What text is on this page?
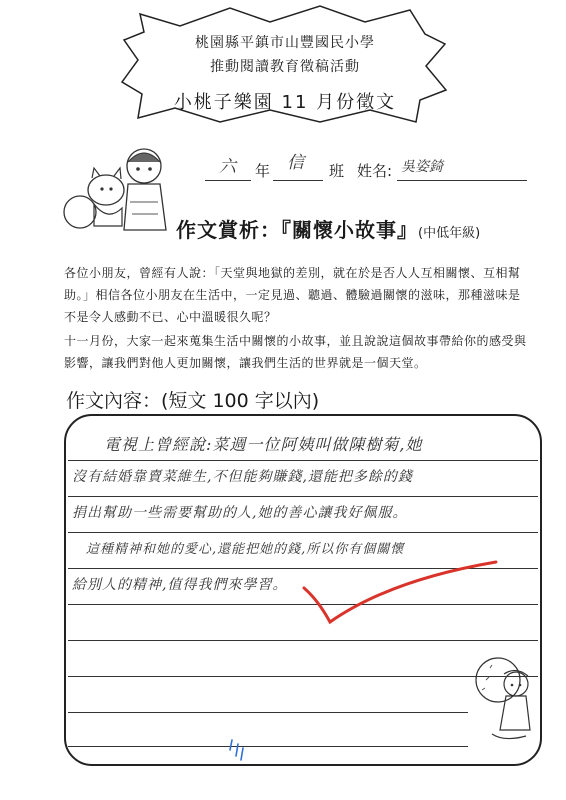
桃園縣平鎮市山豐國民小學
推動閱讀教育徵稿活動
小桃子樂園 11 月份徵文
六 年 信 班 姓名: 吳姿錡
作文賞析：『關懷小故事』(中低年級)
各位小朋友，曾經有人說：「天堂與地獄的差別，就在於是否人人互相關懷、互相幫助。」相信各位小朋友在生活中，一定見過、聽過、體驗過關懷的滋味，那種滋味是不是令人感動不已、心中溫暖很久呢？
十一月份，大家一起來蒐集生活中關懷的小故事，並且說說這個故事帶給你的感受與影響，讓我們對他人更加關懷，讓我們生活的世界就是一個天堂。
作文內容：(短文 100 字以內)
電視上曾經說:菜週一位阿姨叫做陳樹菊,她
沒有結婚靠賣菜維生,不但能夠賺錢,還能把多餘的錢
捐出幫助一些需要幫助的人,她的善心讓我好佩服。
這種精神和她的愛心,還能把她的錢,所以你有個關懷
給別人的精神,值得我們來學習。
